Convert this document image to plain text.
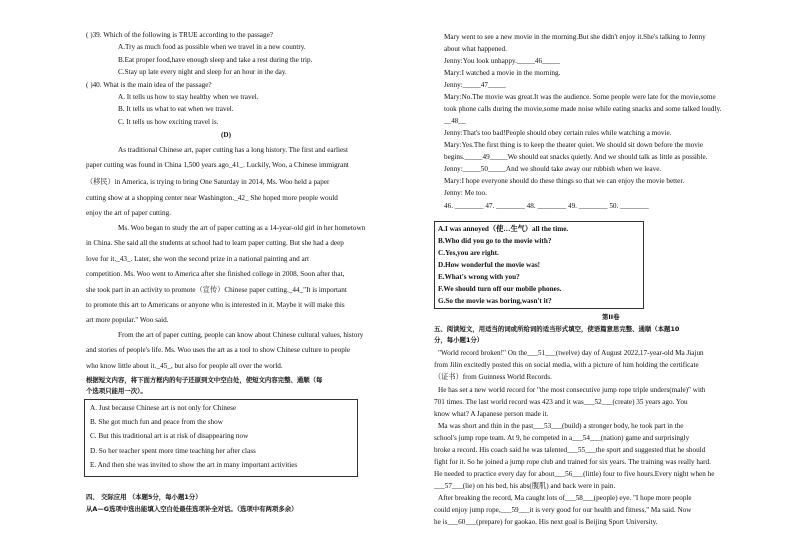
( )39. Which of the following is TRUE according to the passage?
A.Try as much food as possible when we travel in a new country.
B.Eat proper food,have enough sleep and take a rest during the trip.
C.Stay up late every night and sleep for an hour in the day.
( )40. What is the main idea of the passage?
A. It tells us how to stay healthy when we travel.
B. It tells us what to eat when we travel.
C. It tells us how exciting travel is.
(D)
As traditional Chinese art, paper cutting has a long history. The first and earliest
paper cutting was found in China 1,500 years ago_41_. Luckily, Woo, a Chinese immigrant
（移民）in America, is trying to bring One Saturday in 2014, Ms. Woo held a paper
cutting show at a shopping center near Washington._42_ She hoped more people would
enjoy the art of paper cutting.
Ms. Woo began to study the art of paper cutting as a 14-year-old girl in her hometown
in China. She said all the students at school had to learn paper cutting. But she had a deep
love for it._43_. Later, she won the second prize in a national painting and art
competition. Ms. Woo went to America after she finished college in 2008. Soon after that,
she took part in an activity to promote（宣传）Chinese paper cutting._44_"It is important
to promote this art to Americans or anyone who is interested in it. Maybe it will make this
art more popular." Woo said.
From the art of paper cutting, people can know about Chinese cultural values, history
and stories of people's life. Ms. Woo uses the art as a tool to show Chinese culture to people
who know little about it._45_, but also for people all over the world.
根据短文内容，将下面方框内的句子还原到文中空白处，使短文内容完整、通顺（每
个选项只能用一次）。
A. Just because Chinese art is not only for Chinese
B. She got much fun and peace from the show
C. But this traditional art is at risk of disappearing now
D. So her teacher spent more time teaching her after class
E. And then she was invited to show the art in many important activities
四、 交际应用 （本题5分，每小题1分）
从A—G选项中选出能填入空白处最佳选项补全对话。（选项中有两项多余）
Mary went to see a new movie in the morning.But she didn't enjoy it.She's talking to Jenny
about what happened.
Jenny:You look unhappy._____46_____
Mary:I watched a movie in the morning.
Jenny:_____47_____
Mary:No.The movie was great.It was the audience. Some people were late for the movie,some
took phone calls during the movie,some made noise while eating snacks and some talked loudly.
__48__
Jenny:That's too bad!People should obey certain rules while watching a movie.
Mary:Yes.The first thing is to keep the theater quiet. We should sit down before the movie
begins._____49_____We should eat snacks quietly. And we should talk as little as possible.
Jenny:_____50_____And we should take away our rubbish when we leave.
Mary:I hope everyone should do these things so that we can enjoy the movie better.
Jenny: Me too.
46. ________ 47. ________ 48. ________ 49. ________ 50. ________
A.I was annoyed（使…生气）all the time.
B.Who did you go to the movie with?
C.Yes,you are right.
D.How wonderful the movie was!
E.What's wrong with you?
F.We should turn off our mobile phones.
G.So the movie was boring,wasn't it?
第II卷
五、阅读短文，用适当的词或所给词的适当形式填空，使语篇意思完整、通顺（本题10
分，每小题1分）
"World record broken!" On the___51___(twelve) day of August 2022,17-year-old Ma Jiajun
from Jilin excitedly posted this on social media, with a picture of him holding the certificate
（证书）from Guinness World Records.
He has set a new world record for "the most consecutive jump rope triple unders(male)" with
701 times. The last world record was 423 and it was___52___(create) 35 years ago. You
know what? A Japanese person made it.
Ma was short and thin in the past___53___(build) a stronger body, he took part in the
school's jump rope team. At 9, he competed in a___54___(nation) game and surprisingly
broke a record. His coach said he was talented___55___the sport and suggested that he should
fight for it. So he joined a jump rope club and trained for six years. The training was really hard.
He needed to practice every day for about___56___(little) four to five hours.Every night when he
___57___(lie) on his bed, his abs(腹肌) and back were in pain.
After breaking the record, Ma caught lots of___58___(people) eye. "I hope more people
could enjoy jump rope,___59___it is very good for our health and fitness," Ma said. Now
he is___60___(prepare) for gaokao. His next goal is Beijing Sport University.
